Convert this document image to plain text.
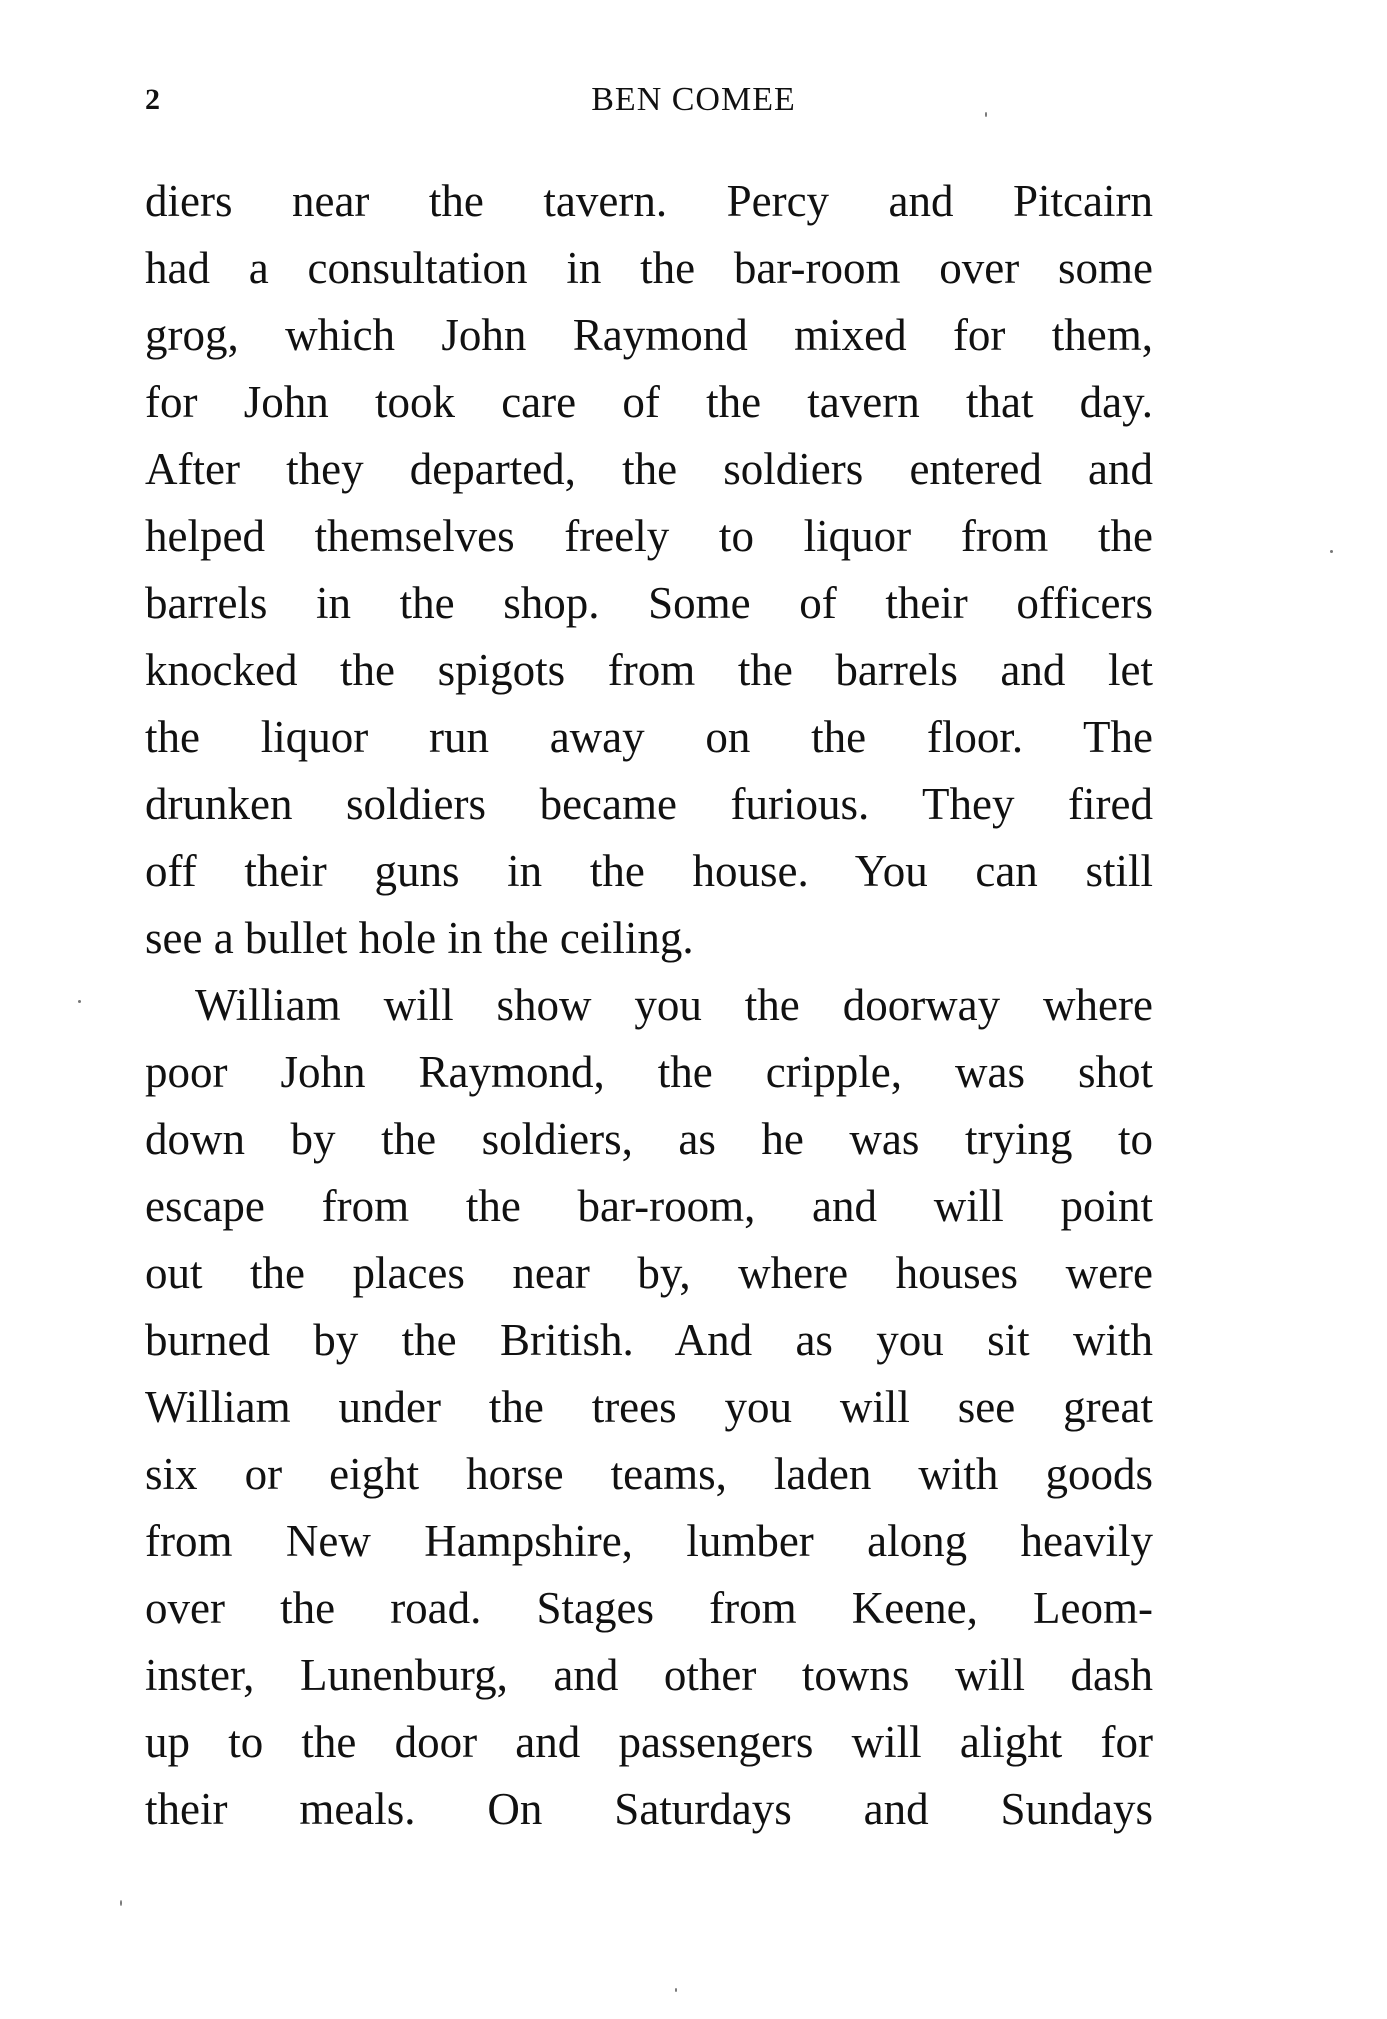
2	BEN COMEE
diers near the tavern. Percy and Pitcairn
had a consultation in the bar-room over some
grog, which John Raymond mixed for them,
for John took care of the tavern that day.
After they departed, the soldiers entered and
helped themselves freely to liquor from the
barrels in the shop. Some of their officers
knocked the spigots from the barrels and let
the liquor run away on the floor. The
drunken soldiers became furious. They fired
off their guns in the house. You can still
see a bullet hole in the ceiling.
William will show you the doorway where
poor John Raymond, the cripple, was shot
down by the soldiers, as he was trying to
escape from the bar-room, and will point
out the places near by, where houses were
burned by the British. And as you sit with
William under the trees you will see great
six or eight horse teams, laden with goods
from New Hampshire, lumber along heavily
over the road. Stages from Keene, Leom-
inster, Lunenburg, and other towns will dash
up to the door and passengers will alight for
their meals. On Saturdays and Sundays
